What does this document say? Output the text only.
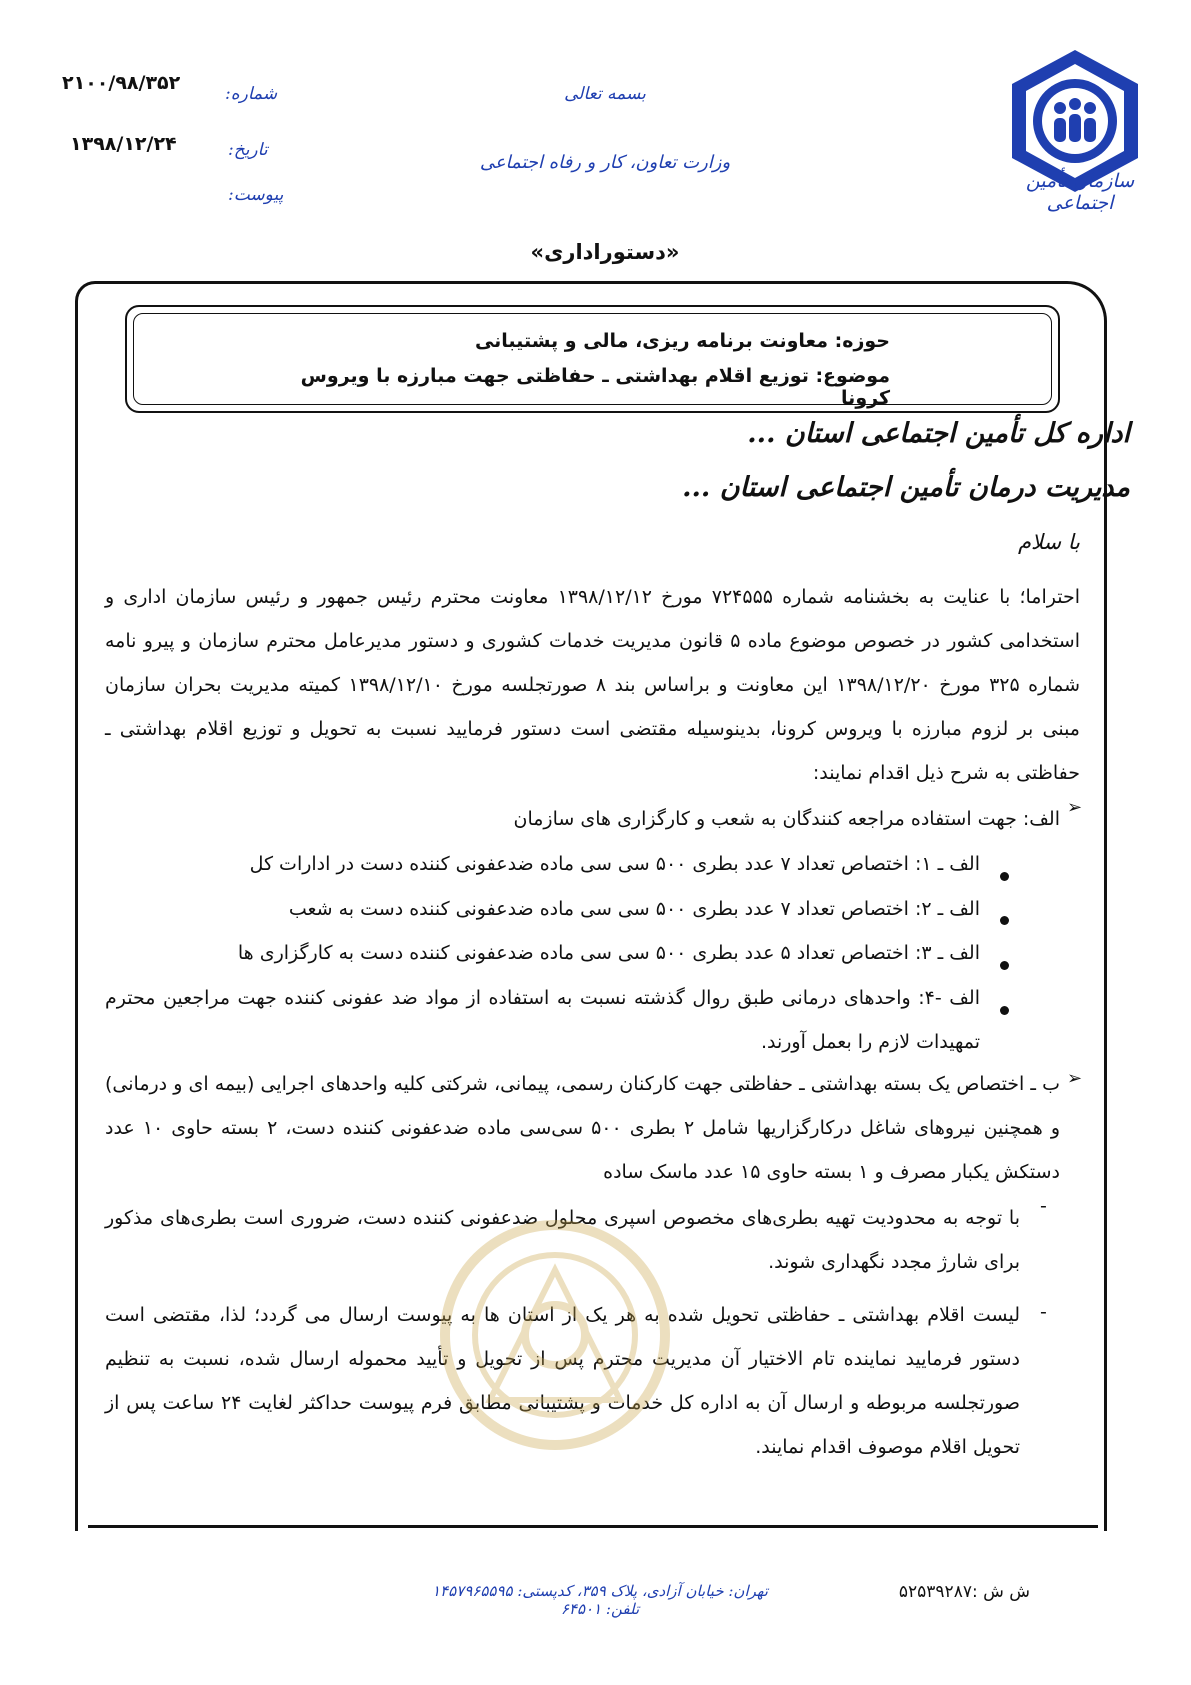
سازمان تأمین اجتماعی
بسمه تعالی
وزارت تعاون، کار و رفاه اجتماعی
شماره:
۲۱۰۰/۹۸/۳۵۲
تاریخ:
۱۳۹۸/۱۲/۲۴
پیوست:
«دستوراداری»
حوزه: معاونت برنامه ریزی، مالی و پشتیبانی
موضوع: توزیع اقلام بهداشتی ـ حفاظتی جهت مبارزه با ویروس کرونا
اداره کل تأمین اجتماعی استان ...
مدیریت درمان تأمین اجتماعی استان ...
با سلام
احتراما؛ با عنایت به بخشنامه شماره ۷۲۴۵۵۵ مورخ ۱۳۹۸/۱۲/۱۲ معاونت محترم رئیس جمهور و رئیس سازمان اداری و استخدامی کشور در خصوص موضوع ماده ۵ قانون مدیریت خدمات کشوری و دستور مدیرعامل محترم سازمان و پیرو نامه شماره ۳۲۵ مورخ ۱۳۹۸/۱۲/۲۰ این معاونت و براساس بند ۸ صورتجلسه مورخ ۱۳۹۸/۱۲/۱۰ کمیته مدیریت بحران سازمان مبنی بر لزوم مبارزه با ویروس کرونا، بدینوسیله مقتضی است دستور فرمایید نسبت به تحویل و توزیع اقلام بهداشتی ـ حفاظتی به شرح ذیل اقدام نمایند:
➢
الف: جهت استفاده مراجعه کنندگان به شعب و کارگزاری های سازمان
الف ـ ۱: اختصاص تعداد ۷ عدد بطری ۵۰۰ سی سی ماده ضدعفونی کننده دست در ادارات کل
الف ـ ۲: اختصاص تعداد ۷ عدد بطری ۵۰۰ سی سی ماده ضدعفونی کننده دست به شعب
الف ـ ۳: اختصاص تعداد ۵ عدد بطری ۵۰۰ سی سی ماده ضدعفونی کننده دست به کارگزاری ها
الف -۴: واحدهای درمانی طبق روال گذشته نسبت به استفاده از مواد ضد عفونی کننده جهت مراجعین محترم تمهیدات لازم را بعمل آورند.
➢
ب ـ اختصاص یک بسته بهداشتی ـ حفاظتی جهت کارکنان رسمی، پیمانی، شرکتی کلیه واحدهای اجرایی (بیمه ای و درمانی) و همچنین نیروهای شاغل درکارگزاریها شامل ۲ بطری ۵۰۰ سی‌سی ماده ضدعفونی کننده دست، ۲ بسته حاوی ۱۰ عدد دستکش یکبار مصرف و ۱ بسته حاوی ۱۵ عدد ماسک ساده
-
با توجه به محدودیت تهیه بطری‌های مخصوص اسپری محلول ضدعفونی کننده دست، ضروری است بطری‌های مذکور برای شارژ مجدد نگهداری شوند.
-
لیست اقلام بهداشتی ـ حفاظتی تحویل شده به هر یک از استان ها به پیوست ارسال می گردد؛ لذا، مقتضی است دستور فرمایید نماینده تام الاختیار آن مدیریت محترم پس از تحویل و تأیید محموله ارسال شده، نسبت به تنظیم صورتجلسه مربوطه و ارسال آن به اداره کل خدمات و پشتیبانی مطابق فرم پیوست حداکثر لغایت ۲۴ ساعت پس از تحویل اقلام موصوف اقدام نمایند.
تهران: خیابان آزادی، پلاک ۳۵۹، کدپستی: ۱۴۵۷۹۶۵۵۹۵ تلفن: ۶۴۵۰۱
ش ش :۵۲۵۳۹۲۸۷
